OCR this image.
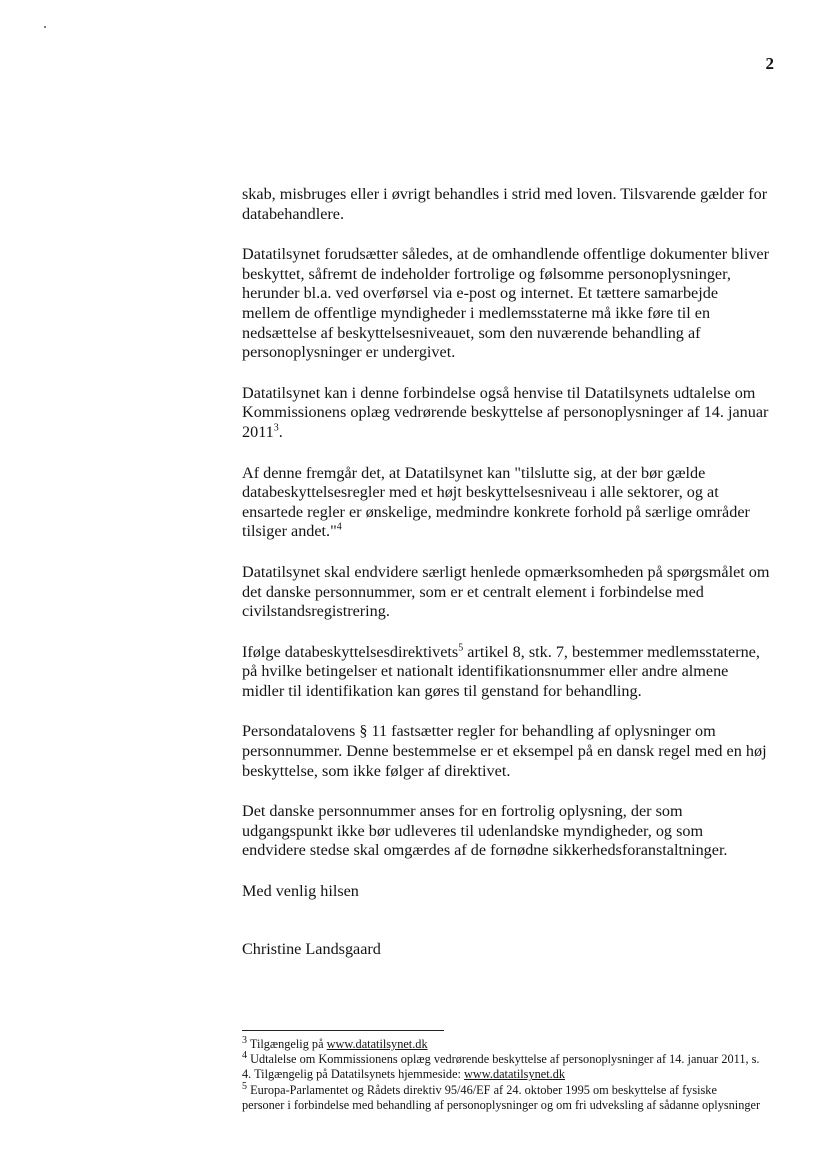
2

skab, misbruges eller i øvrigt behandles i strid med loven. Tilsvarende gælder for databehandlere.

Datatilsynet forudsætter således, at de omhandlende offentlige dokumenter bliver beskyttet, såfremt de indeholder fortrolige og følsomme personoplysninger, herunder bl.a. ved overførsel via e-post og internet. Et tættere samarbejde mellem de offentlige myndigheder i medlemsstaterne må ikke føre til en nedsættelse af beskyttelsesniveauet, som den nuværende behandling af personoplysninger er undergivet.

Datatilsynet kan i denne forbindelse også henvise til Datatilsynets udtalelse om Kommissionens oplæg vedrørende beskyttelse af personoplysninger af 14. januar 2011$^3$.

Af denne fremgår det, at Datatilsynet kan "tilslutte sig, at der bør gælde databeskyttelsesregler med et højt beskyttelsesniveau i alle sektorer, og at ensartede regler er ønskelige, medmindre konkrete forhold på særlige områder tilsiger andet."$^4$

Datatilsynet skal endvidere særligt henlede opmærksomheden på spørgsmålet om det danske personnummer, som er et centralt element i forbindelse med civilstandsregistrering.

Ifølge databeskyttelsesdirektivets$^5$ artikel 8, stk. 7, bestemmer medlemsstaterne, på hvilke betingelser et nationalt identifikationsnummer eller andre almene midler til identifikation kan gøres til genstand for behandling.

Persondatalovens § 11 fastsætter regler for behandling af oplysninger om personnummer. Denne bestemmelse er et eksempel på en dansk regel med en høj beskyttelse, som ikke følger af direktivet.

Det danske personnummer anses for en fortrolig oplysning, der som udgangspunkt ikke bør udleveres til udenlandske myndigheder, og som endvidere stedse skal omgærdes af de fornødne sikkerhedsforanstaltninger.

Med venlig hilsen

Christine Landsgaard

$^3$ Tilgængelig på www.datatilsynet.dk

$^4$ Udtalelse om Kommissionens oplæg vedrørende beskyttelse af personoplysninger af 14. januar 2011, s. 4. Tilgængelig på Datatilsynets hjemmeside: www.datatilsynet.dk

$^5$ Europa-Parlamentet og Rådets direktiv 95/46/EF af 24. oktober 1995 om beskyttelse af fysiske personer i forbindelse med behandling af personoplysninger og om fri udveksling af sådanne oplysninger
